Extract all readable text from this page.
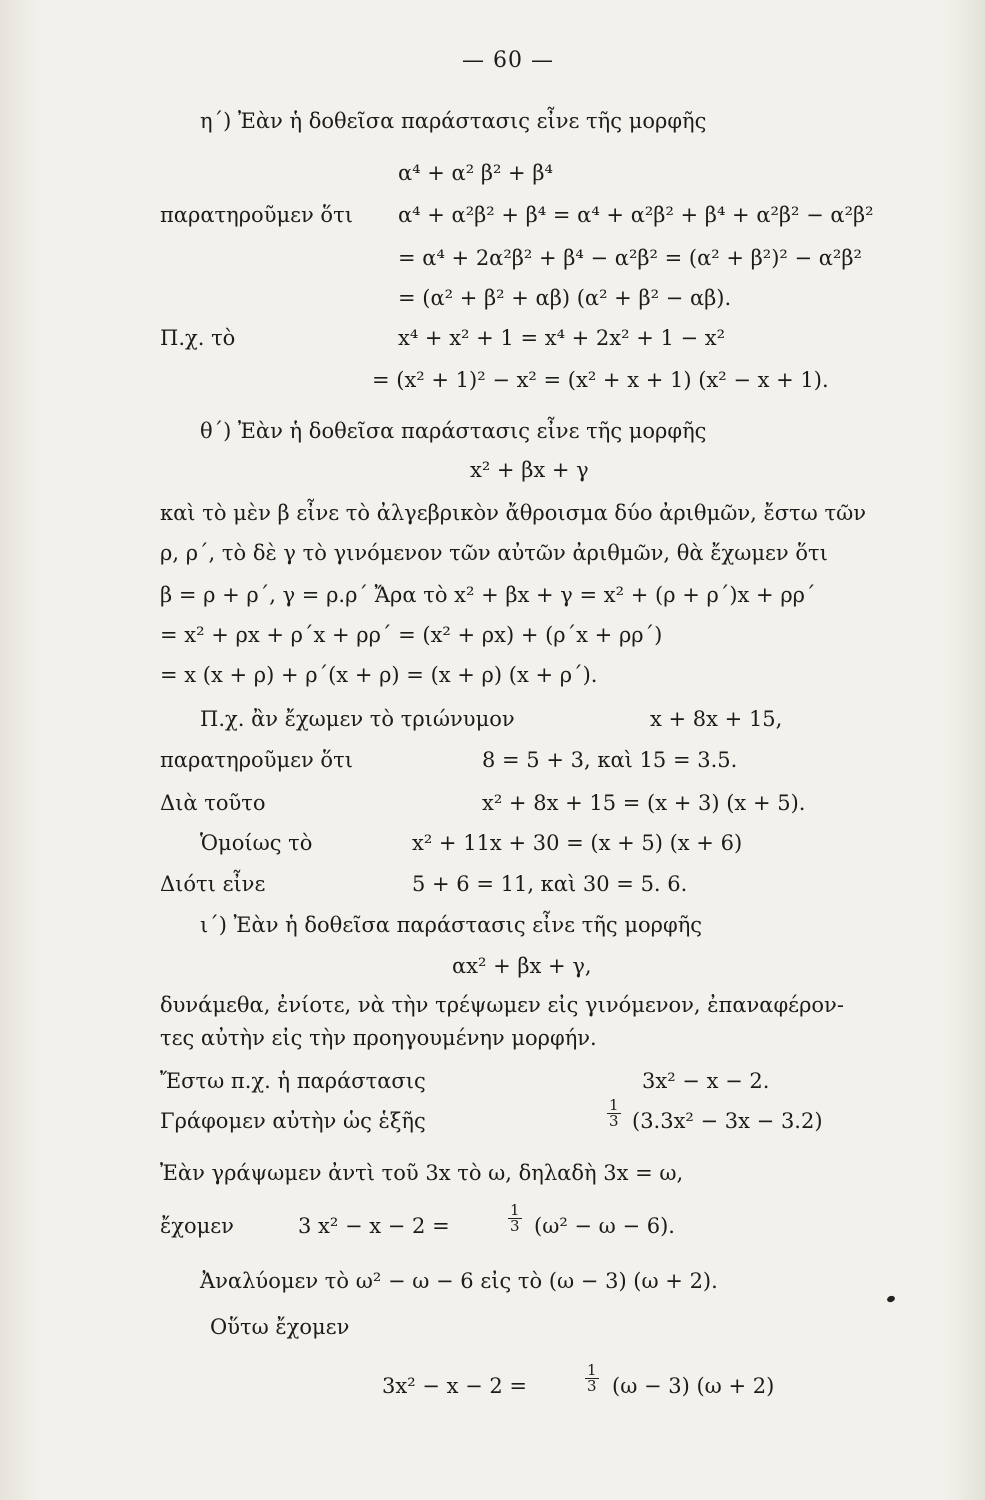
— 60 —
η΄) Ἐὰν ἡ δοθεῖσα παράστασις εἶνε τῆς μορφῆς
α⁴ + α² β² + β⁴
παρατηροῦμεν ὅτι α⁴ + α²β² + β⁴ = α⁴ + α²β² + β⁴ + α²β² − α²β²
= α⁴ + 2α²β² + β⁴ − α²β² = (α² + β²)² − α²β²
= (α² + β² + αβ) (α² + β² − αβ).
Π.χ. τὸ	x⁴ + x² + 1 = x⁴ + 2x² + 1 − x²
= (x² + 1)² − x² = (x² + x + 1) (x² − x + 1).
θ΄) Ἐὰν ἡ δοθεῖσα παράστασις εἶνε τῆς μορφῆς
x² + βx + γ
καὶ τὸ μὲν β εἶνε τὸ ἀλγεβρικὸν ἄθροισμα δύο ἀριθμῶν, ἔστω τῶν
ρ, ρ΄, τὸ δὲ γ τὸ γινόμενον τῶν αὐτῶν ἀριθμῶν, θὰ ἔχωμεν ὅτι
β = ρ + ρ΄, γ = ρ.ρ΄ Ἄρα τὸ x² + βx + γ = x² + (ρ + ρ΄)x + ρρ΄
= x² + ρx + ρ΄x + ρρ΄ = (x² + ρx) + (ρ΄x + ρρ΄)
= x (x + ρ) + ρ΄(x + ρ) = (x + ρ) (x + ρ΄).
Π.χ. ἂν ἔχωμεν τὸ τριώνυμον	x + 8x + 15,
παρατηροῦμεν ὅτι	8 = 5 + 3, καὶ 15 = 3.5.
Διὰ τοῦτο	x² + 8x + 15 = (x + 3) (x + 5).
Ὁμοίως τὸ	x² + 11x + 30 = (x + 5) (x + 6)
Διότι εἶνε	5 + 6 = 11, καὶ 30 = 5. 6.
ι΄) Ἐὰν ἡ δοθεῖσα παράστασις εἶνε τῆς μορφῆς
αx² + βx + γ,
δυνάμεθα, ἐνίοτε, νὰ τὴν τρέψωμεν εἰς γινόμενον, ἐπαναφέρον-
τες αὐτὴν εἰς τὴν προηγουμένην μορφήν.
Ἔστω π.χ. ἡ παράστασις	3x² − x − 2.
Ἐὰν γράψωμεν ἀντὶ τοῦ 3x τὸ ω, δηλαδὴ 3x = ω,
Ἀναλύομεν τὸ ω² − ω − 6 εἰς τὸ (ω − 3) (ω + 2).
Οὕτω ἔχομεν
Γράφομεν αὐτὴν ὡς ἑξῆς	$\frac{1}{3} (3.3x^2 - 3x - 3.2)$
ἔχομεν	3 x² − x − 2 =	$\frac{1}{3} (\omega^2 - \omega - 6)$.
3x² − x − 2 =	$\frac{1}{3} (\omega - 3) (\omega + 2)$
